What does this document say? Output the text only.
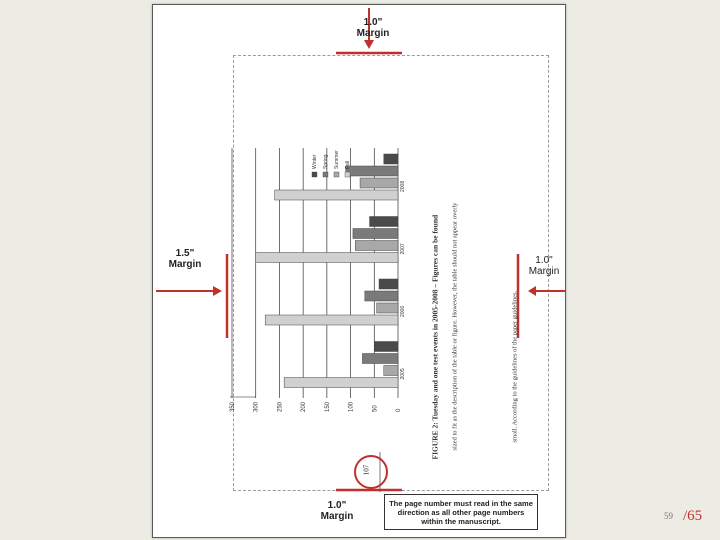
0
50
100
150
200
250
300
350
2005
2006
2007
2008
Winter Spring Summer Fall
FIGURE 2: Tuesday and one test events in 2005-2008 – Figures can be found sized to fit as the description of the table or figure. However, the table should not appear overly	small. According to the guidelines of the paper guidelines.
107
1.0"
Margin
1.5"
Margin	1.0"
Margin
1.0"
Margin
The page number must read in the same direction as all other page numbers within the manuscript.	59 /65
